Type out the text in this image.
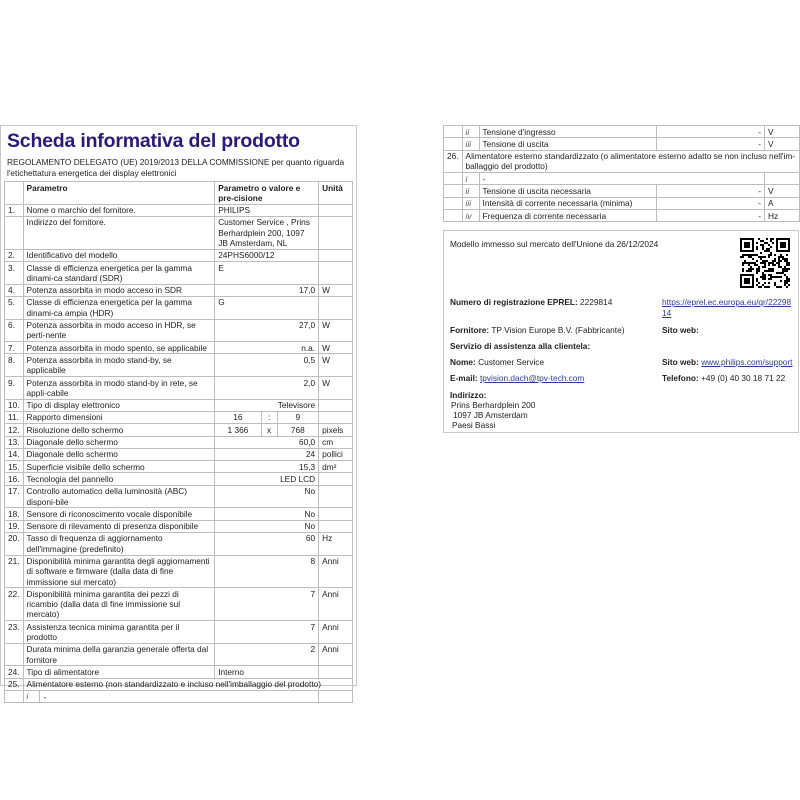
Scheda informativa del prodotto
REGOLAMENTO DELEGATO (UE) 2019/2013 DELLA COMMISSIONE per quanto riguarda l'etichettatura energetica dei display elettronici
	Parametro	Parametro o valore e pre-cisione			Unità
1.	Nome o marchio del fornitore.	PHILIPS			
	Indirizzo del fornitore.	Customer Service , Prins Berhardplein 200, 1097 JB Amsterdam, NL			
2.	Identificativo del modello	24PHS6000/12			
3.	Classe di efficienza energetica per la gamma dinami-ca standard (SDR)	E			
4.	Potenza assorbita in modo acceso in SDR	17,0			W
5.	Classe di efficienza energetica per la gamma dinami-ca ampia (HDR)	G			
6.	Potenza assorbita in modo acceso in HDR, se perti-nente	27,0			W
7.	Potenza assorbita in modo spento, se applicabile	n.a.			W
8.	Potenza assorbita in modo stand-by, se applicabile	0,5			W
9.	Potenza assorbita in modo stand-by in rete, se appli-cabile	2,0			W
10.	Tipo di display elettronico	Televisore			
11.	Rapporto dimensioni	16	:	9	
12.	Risoluzione dello schermo	1 366	x	768	pixels
13.	Diagonale dello schermo	60,0			cm
14.	Diagonale dello schermo	24			pollici
15.	Superficie visibile dello schermo	15,3			dm²
16.	Tecnologia del pannello	LED LCD			
17.	Controllo automatico della luminosità (ABC) disponi-bile	No			
18.	Sensore di riconoscimento vocale disponibile	No			
19.	Sensore di rilevamento di presenza disponibile	No			
20.	Tasso di frequenza di aggiornamento dell'immagine (predefinito)	60			Hz
21.	Disponibilità minima garantita degli aggiornamenti di software e firmware (dalla data di fine immissione sul mercato)	8			Anni
22.	Disponibilità minima garantita dei pezzi di ricambio (dalla data di fine immissione sul mercato)	7			Anni
23.	Assistenza tecnica minima garantita per il prodotto	7			Anni
	Durata minima della garanzia generale offerta dal fornitore	2			Anni
24.	Tipo di alimentatore	Interno			
25.	Alimentatore esterno (non standardizzato e incluso nell'imballaggio del prodotto)				

	i -				

	ii	Tensione d'ingresso	-	V
	iii	Tensione di uscita	-	V
26.	Alimentatore esterno standardizzato (o alimentatore esterno adatto se non incluso nell'im-ballaggio del prodotto)			
	i	-		
	ii	Tensione di uscita necessaria	-	V
	iii	Intensità di corrente necessaria (minima)	-	A
	iv	Frequenza di corrente necessaria	-	Hz
Modello immesso sul mercato dell'Unione da 26/12/2024
Numero di registrazione EPREL: 2229814	https://eprel.ec.europa.eu/qr/2229814
Fornitore: TP Vision Europe B.V. (Fabbricante)	Sito web:
Servizio di assistenza alla clientela:
Nome: Customer Service	Sito web: www.philips.com/support
E-mail: tpvision.dach@tpv-tech.com	Telefono: +49 (0) 40 30 18 71 22
Indirizzo:
Prins Berhardplein 200
1097 JB Amsterdam
Paesi Bassi
